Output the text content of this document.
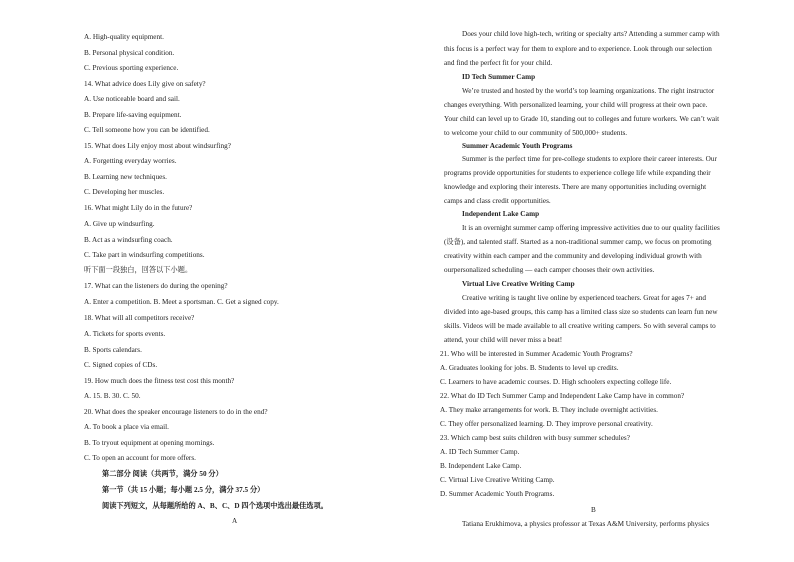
A. High-quality equipment.
B. Personal physical condition.
C. Previous sporting experience.
14. What advice does Lily give on safety?
A. Use noticeable board and sail.
B. Prepare life-saving equipment.
C. Tell someone how you can be identified.
15. What does Lily enjoy most about windsurfing?
A. Forgetting everyday worries.
B. Learning new techniques.
C. Developing her muscles.
16. What might Lily do in the future?
A. Give up windsurfing.
B. Act as a windsurfing coach.
C. Take part in windsurfing competitions.
听下面一段独白，回答以下小题。
17. What can the listeners do during the opening?
A. Enter a competition. B. Meet a sportsman. C. Get a signed copy.
18. What will all competitors receive?
A. Tickets for sports events.
B. Sports calendars.
C. Signed copies of CDs.
19. How much does the fitness test cost this month?
A. 15. B. 30. C. 50.
20. What does the speaker encourage listeners to do in the end?
A. To book a place via email.
B. To tryout equipment at opening mornings.
C. To open an account for more offers.
第二部分 阅读（共两节，满分 50 分）
第一节（共 15 小题；每小题 2.5 分，满分 37.5 分）
阅读下列短文，从每题所给的 A、B、C、D 四个选项中选出最佳选项。
A
Does your child love high-tech, writing or specialty arts? Attending a summer camp with
this focus is a perfect way for them to explore and to experience. Look through our selection
and find the perfect fit for your child.
ID Tech Summer Camp
We’re trusted and hosted by the world’s top learning organizations. The right instructor
changes everything. With personalized learning, your child will progress at their own pace.
Your child can level up to Grade 10, standing out to colleges and future workers. We can’t wait
to welcome your child to our community of 500,000+ students.
Summer Academic Youth Programs
Summer is the perfect time for pre-college students to explore their career interests. Our
programs provide opportunities for students to experience college life while expanding their
knowledge and exploring their interests. There are many opportunities including overnight
camps and class credit opportunities.
Independent Lake Camp
It is an overnight summer camp offering impressive activities due to our quality facilities
(设备), and talented staff. Started as a non-traditional summer camp, we focus on promoting
creativity within each camper and the community and developing individual growth with
ourpersonalized scheduling — each camper chooses their own activities.
Virtual Live Creative Writing Camp
Creative writing is taught live online by experienced teachers. Great for ages 7+ and
divided into age-based groups, this camp has a limited class size so students can learn fun new
skills. Videos will be made available to all creative writing campers. So with several camps to
attend, your child will never miss a beat!
21. Who will be interested in Summer Academic Youth Programs?
A. Graduates looking for jobs. B. Students to level up credits.
C. Learners to have academic courses. D. High schoolers expecting college life.
22. What do ID Tech Summer Camp and Independent Lake Camp have in common?
A. They make arrangements for work. B. They include overnight activities.
C. They offer personalized learning. D. They improve personal creativity.
23. Which camp best suits children with busy summer schedules?
A. ID Tech Summer Camp.
B. Independent Lake Camp.
C. Virtual Live Creative Writing Camp.
D. Summer Academic Youth Programs.
B
Tatiana Erukhimova, a physics professor at Texas A&M University, performs physics
